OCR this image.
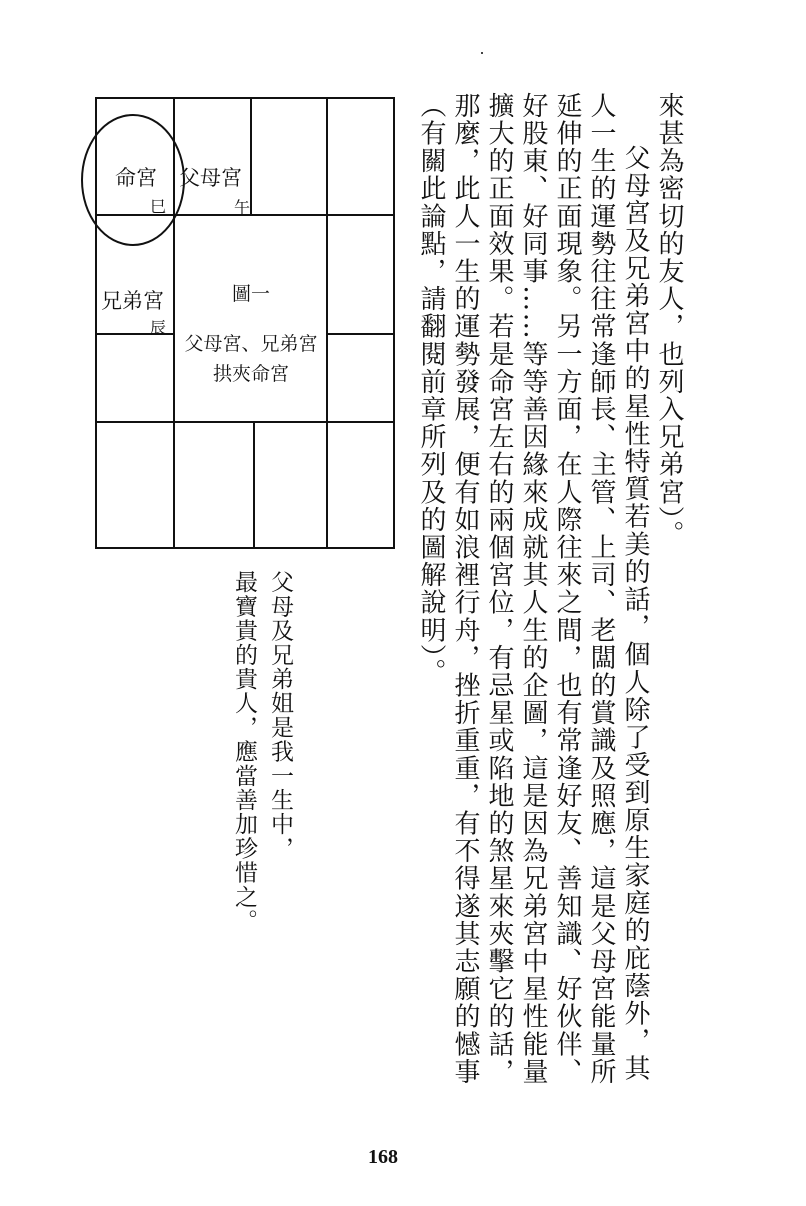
來甚為密切的友人，也列入兄弟宮）。

父母宮及兄弟宮中的星性特質若美的話，個人除了受到原生家庭的庇蔭外，其人一生的運勢往往常逢師長、主管、上司、老闆的賞識及照應，這是父母宮能量所延伸的正面現象。另一方面，在人際往來之間，也有常逢好友、善知識、好伙伴、好股東、好同事……等等善因緣來成就其人生的企圖，這是因為兄弟宮中星性能量擴大的正面效果。若是命宮左右的兩個宮位，有忌星或陷地的煞星來夾擊它的話，那麼，此人一生的運勢發展，便有如浪裡行舟，挫折重重，有不得遂其志願的憾事（有關此論點，請翻閱前章所列及的圖解說明）。

命宮
巳
父母宮
午
兄弟宮
辰
圖一
父母宮、兄弟宮
拱夾命宮

父母及兄弟姐是我一生中，

最寶貴的貴人，應當善加珍惜之。

168
